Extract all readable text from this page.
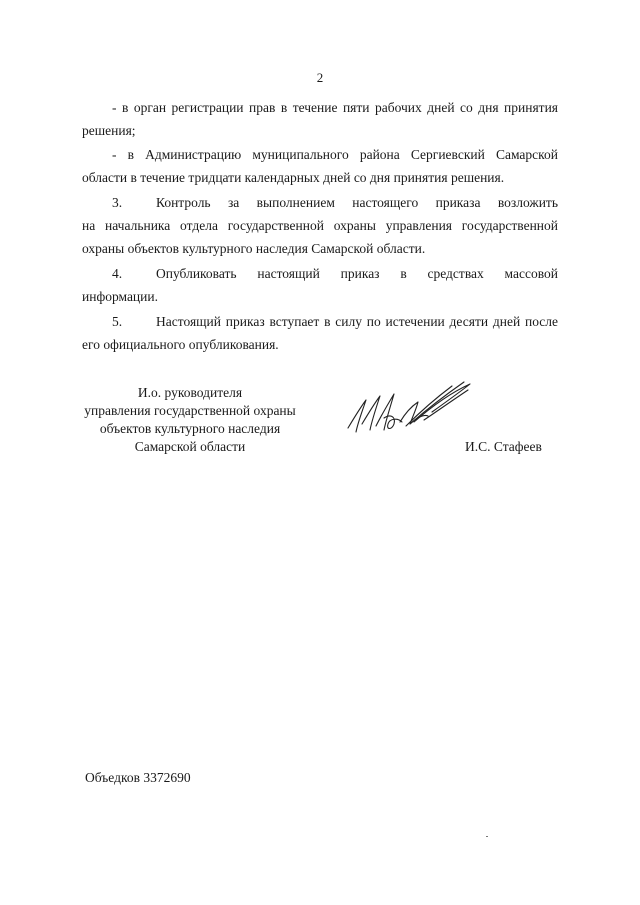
2

- в орган регистрации прав в течение пяти рабочих дней со дня принятия

решения;

- в Администрацию муниципального района Сергиевский Самарской

области в течение тридцати календарных дней со дня принятия решения.

3.	Контроль за выполнением настоящего приказа возложить

на начальника отдела государственной охраны управления государственной

охраны объектов культурного наследия Самарской области.

4.	Опубликовать настоящий приказ в средствах массовой

информации.

5.	Настоящий приказ вступает в силу по истечении десяти дней после

его официального опубликования.

И.о. руководителя
управления государственной охраны
объектов культурного наследия
Самарской области	И.С. Стафеев
Объедков 3372690
